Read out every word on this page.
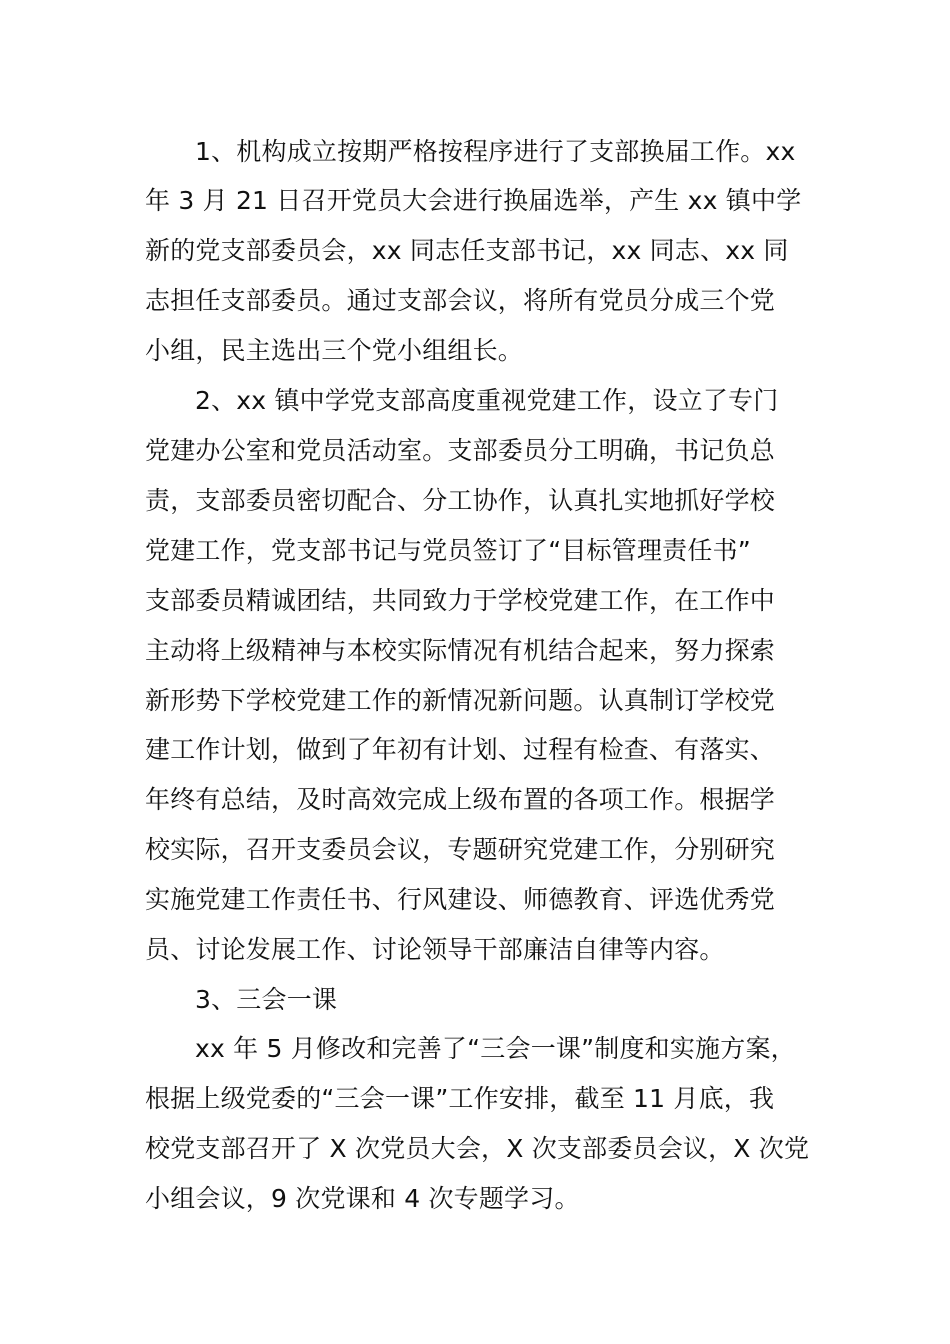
1、机构成立按期严格按程序进行了支部换届工作。xx
年 3 月 21 日召开党员大会进行换届选举，产生 xx 镇中学
新的党支部委员会，xx 同志任支部书记，xx 同志、xx 同
志担任支部委员。通过支部会议，将所有党员分成三个党
小组，民主选出三个党小组组长。
2、xx 镇中学党支部高度重视党建工作，设立了专门
党建办公室和党员活动室。支部委员分工明确，书记负总
责，支部委员密切配合、分工协作，认真扎实地抓好学校
党建工作，党支部书记与党员签订了“目标管理责任书”
支部委员精诚团结，共同致力于学校党建工作，在工作中
主动将上级精神与本校实际情况有机结合起来，努力探索
新形势下学校党建工作的新情况新问题。认真制订学校党
建工作计划，做到了年初有计划、过程有检查、有落实、
年终有总结，及时高效完成上级布置的各项工作。根据学
校实际，召开支委员会议，专题研究党建工作，分别研究
实施党建工作责任书、行风建设、师德教育、评选优秀党
员、讨论发展工作、讨论领导干部廉洁自律等内容。
3、三会一课
xx 年 5 月修改和完善了“三会一课”制度和实施方案，
根据上级党委的“三会一课”工作安排，截至 11 月底，我
校党支部召开了 X 次党员大会，X 次支部委员会议，X 次党
小组会议，9 次党课和 4 次专题学习。
